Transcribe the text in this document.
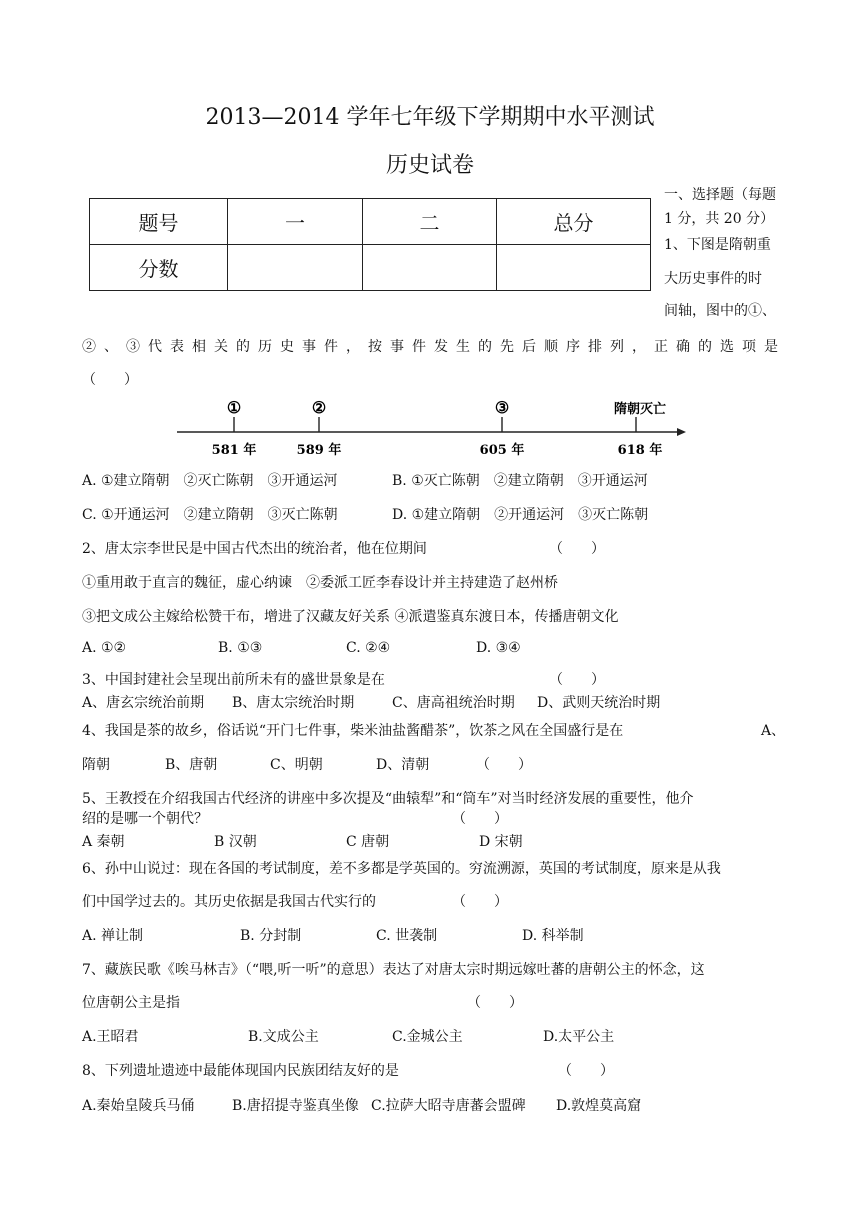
2013—2014 学年七年级下学期期中水平测试
历史试卷
题号	一	二	总分
分数			
一、选择题（每题
1 分，共 20 分）
1、下图是隋朝重
大历史事件的时
间轴，图中的①、
②、③代表相关的历史事件，按事件发生的先后顺序排列，正确的选项是
（　　）
①	②	③	隋朝灭亡
581 年	589 年	605 年	618 年
A. ①建立隋朝　②灭亡陈朝　③开通运河	B. ①灭亡陈朝　②建立隋朝　③开通运河
C. ①开通运河　②建立隋朝　③灭亡陈朝	D. ①建立隋朝　②开通运河　③灭亡陈朝
2、唐太宗李世民是中国古代杰出的统治者，他在位期间	（　　）
①重用敢于直言的魏征，虚心纳谏　②委派工匠李春设计并主持建造了赵州桥
③把文成公主嫁给松赞干布，增进了汉藏友好关系 ④派遣鉴真东渡日本，传播唐朝文化
A. ①②	B. ①③	C. ②④	D. ③④
3、中国封建社会呈现出前所未有的盛世景象是在	（　　）
A、唐玄宗统治前期 B、唐太宗统治时期	C、唐高祖统治时期 D、武则天统治时期
4、我国是茶的故乡，俗话说“开门七件事，柴米油盐酱醋茶”，饮茶之风在全国盛行是在	A、
隋朝	B、唐朝	C、明朝	D、清朝	（　　）
5、王教授在介绍我国古代经济的讲座中多次提及“曲辕犁”和“筒车”对当时经济发展的重要性，他介
绍的是哪一个朝代？	（　　）
A 秦朝	B 汉朝	C 唐朝	D 宋朝
6、孙中山说过：现在各国的考试制度，差不多都是学英国的。穷流溯源，英国的考试制度，原来是从我
们中国学过去的。其历史依据是我国古代实行的	（　　）
A. 禅让制	B. 分封制	C. 世袭制	D. 科举制
7、藏族民歌《唉马林吉》（“喂,听一听”的意思）表达了对唐太宗时期远嫁吐蕃的唐朝公主的怀念，这
位唐朝公主是指	（　　）
A.王昭君	B.文成公主	C.金城公主	D.太平公主
8、下列遗址遗迹中最能体现国内民族团结友好的是	（　　）
A.秦始皇陵兵马俑	B.唐招提寺鉴真坐像 C.拉萨大昭寺唐蕃会盟碑 D.敦煌莫高窟
